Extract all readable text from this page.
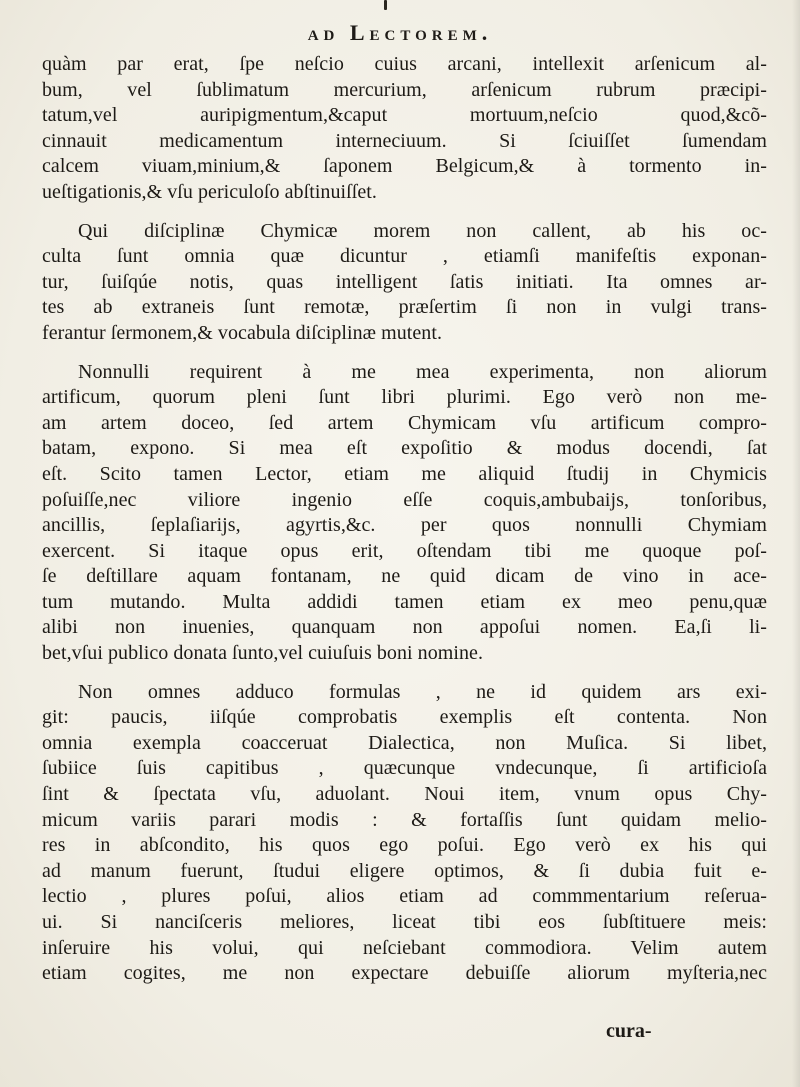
ad Lectorem.
quàm par erat, ſpe neſcio cuius arcani, intellexit arſenicum al-
bum, vel ſublimatum mercurium, arſenicum rubrum præcipi-
tatum,vel auripigmentum,&caput mortuum,neſcio quod,&cõ-
cinnauit medicamentum interneciuum. Si ſciuiſſet ſumendam
calcem viuam,minium,& ſaponem Belgicum,& à tormento in-
ueſtigationis,& vſu periculoſo abſtinuiſſet.
Qui diſciplinæ Chymicæ morem non callent, ab his oc-
culta ſunt omnia quæ dicuntur , etiamſi manifeſtis exponan-
tur, ſuiſqúe notis, quas intelligent ſatis initiati. Ita omnes ar-
tes ab extraneis ſunt remotæ, præſertim ſi non in vulgi trans-
ferantur ſermonem,& vocabula diſciplinæ mutent.
Nonnulli requirent à me mea experimenta, non aliorum
artificum, quorum pleni ſunt libri plurimi. Ego verò non me-
am artem doceo, ſed artem Chymicam vſu artificum compro-
batam, expono. Si mea eſt expoſitio & modus docendi, ſat
eſt. Scito tamen Lector, etiam me aliquid ſtudij in Chymicis
poſuiſſe,nec viliore ingenio eſſe coquis,ambubaijs, tonſoribus,
ancillis, ſeplaſiarijs, agyrtis,&c. per quos nonnulli Chymiam
exercent. Si itaque opus erit, oſtendam tibi me quoque poſ-
ſe deſtillare aquam fontanam, ne quid dicam de vino in ace-
tum mutando. Multa addidi tamen etiam ex meo penu,quæ
alibi non inuenies, quanquam non appoſui nomen. Ea,ſi li-
bet,vſui publico donata ſunto,vel cuiuſuis boni nomine.
Non omnes adduco formulas , ne id quidem ars exi-
git: paucis, iiſqúe comprobatis exemplis eſt contenta. Non
omnia exempla coacceruat Dialectica, non Muſica. Si libet,
ſubiice ſuis capitibus , quæcunque vndecunque, ſi artificioſa
ſint & ſpectata vſu, aduolant. Noui item, vnum opus Chy-
micum variis parari modis : & fortaſſis ſunt quidam melio-
res in abſcondito, his quos ego poſui. Ego verò ex his qui
ad manum fuerunt, ſtudui eligere optimos, & ſi dubia fuit e-
lectio , plures poſui, alios etiam ad commmentarium reſerua-
ui. Si nanciſceris meliores, liceat tibi eos ſubſtituere meis:
inſeruire his volui, qui neſciebant commodiora. Velim autem
etiam cogites, me non expectare debuiſſe aliorum myſteria,nec
cura-
